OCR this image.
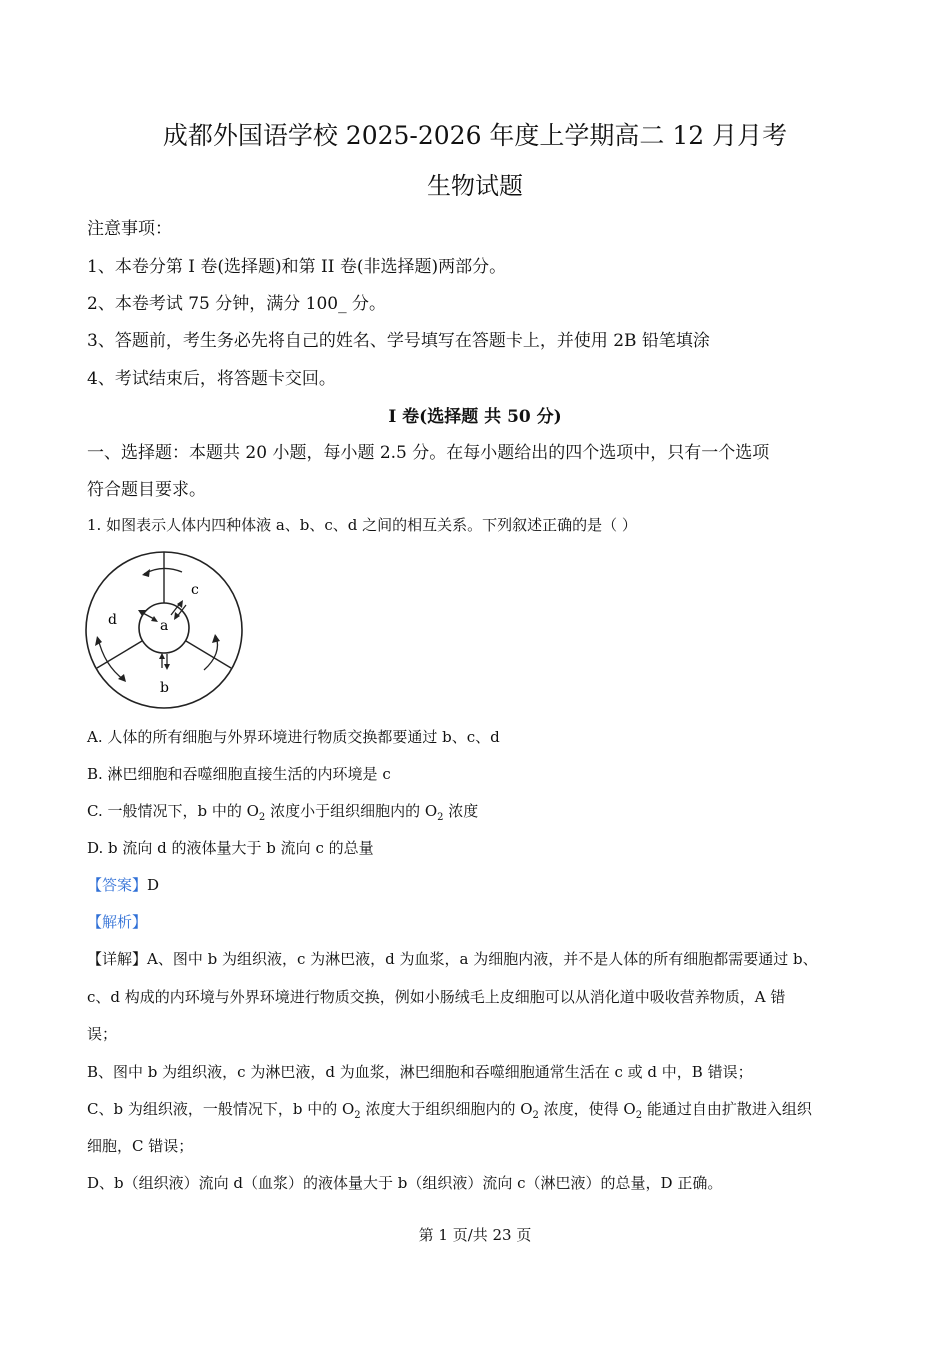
成都外国语学校 2025-2026 年度上学期高二 12 月月考
生物试题
注意事项：
1、本卷分第 I 卷(选择题)和第 II 卷(非选择题)两部分。
2、本卷考试 75 分钟，满分 100_ 分。
3、答题前，考生务必先将自己的姓名、学号填写在答题卡上，并使用 2B 铅笔填涂
4、考试结束后，将答题卡交回。
I 卷(选择题 共 50 分)
一、选择题：本题共 20 小题，每小题 2.5 分。在每小题给出的四个选项中，只有一个选项
符合题目要求。
1. 如图表示人体内四种体液 a、b、c、d 之间的相互关系。下列叙述正确的是（ ）
a
b
c
d
A. 人体的所有细胞与外界环境进行物质交换都要通过 b、c、d
B. 淋巴细胞和吞噬细胞直接生活的内环境是 c
C. 一般情况下，b 中的 $O_2$ 浓度小于组织细胞内的 $O_2$ 浓度
D. b 流向 d 的液体量大于 b 流向 c 的总量
【答案】D
【解析】
【详解】A、图中 b 为组织液，c 为淋巴液，d 为血浆，a 为细胞内液，并不是人体的所有细胞都需要通过 b、
c、d 构成的内环境与外界环境进行物质交换，例如小肠绒毛上皮细胞可以从消化道中吸收营养物质，A 错
误；
B、图中 b 为组织液，c 为淋巴液，d 为血浆，淋巴细胞和吞噬细胞通常生活在 c 或 d 中，B 错误；
C、b 为组织液，一般情况下，b 中的 $O_2$ 浓度大于组织细胞内的 $O_2$ 浓度，使得 $O_2$ 能通过自由扩散进入组织
细胞，C 错误；
D、b（组织液）流向 d（血浆）的液体量大于 b（组织液）流向 c（淋巴液）的总量，D 正确。
第 1 页/共 23 页
